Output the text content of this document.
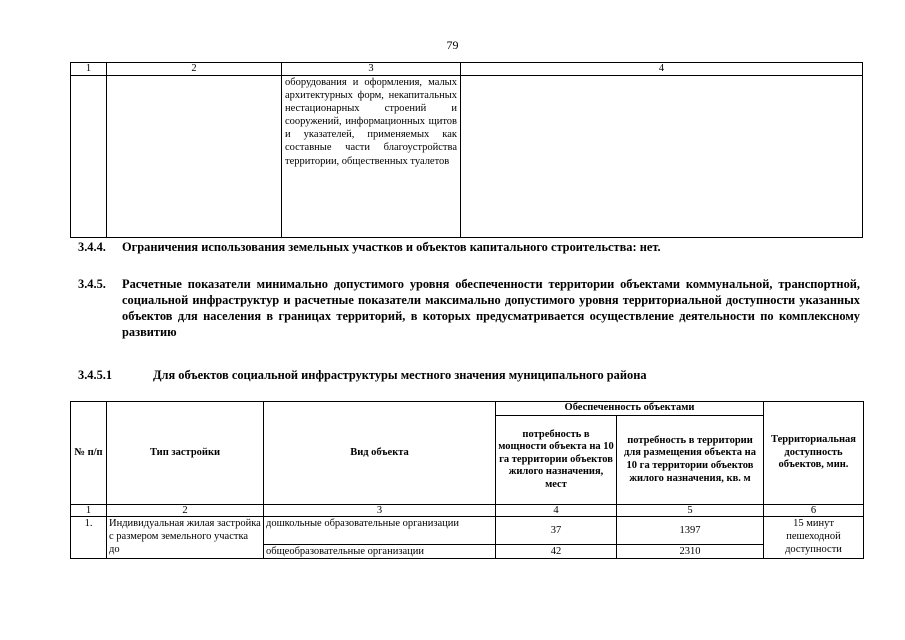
79
1	2	3	4
		оборудования и оформления, малых архитектурных форм, некапитальных нестационарных строений и сооружений, информационных щитов и указателей, применяемых как составные части благоустройства территории, общественных туалетов	
3.4.4. Ограничения использования земельных участков и объектов капитального строительства: нет.
3.4.5. Расчетные показатели минимально допустимого уровня обеспеченности территории объектами коммунальной, транспортной, социальной инфраструктур и расчетные показатели максимально допустимого уровня территориальной доступности указанных объектов для населения в границах территорий, в которых предусматривается осуществление деятельности по комплексному развитию
3.4.5.1	Для объектов социальной инфраструктуры местного значения муниципального района
№ п/п	Тип застройки	Вид объекта	Обеспеченность объектами		Территориальная доступность объектов, мин.
			потребность в мощности объекта на 10 га территории объектов жилого назначения, мест	потребность в территории для размещения объекта на 10 га территории объектов жилого назначения, кв. м	
1	2	3	4	5	6
1.	Индивидуальная жилая застройка с размером земельного участка до	дошкольные образовательные организации	37	1397	15 минут пешеходной доступности
		общеобразовательные организации	42	2310	
